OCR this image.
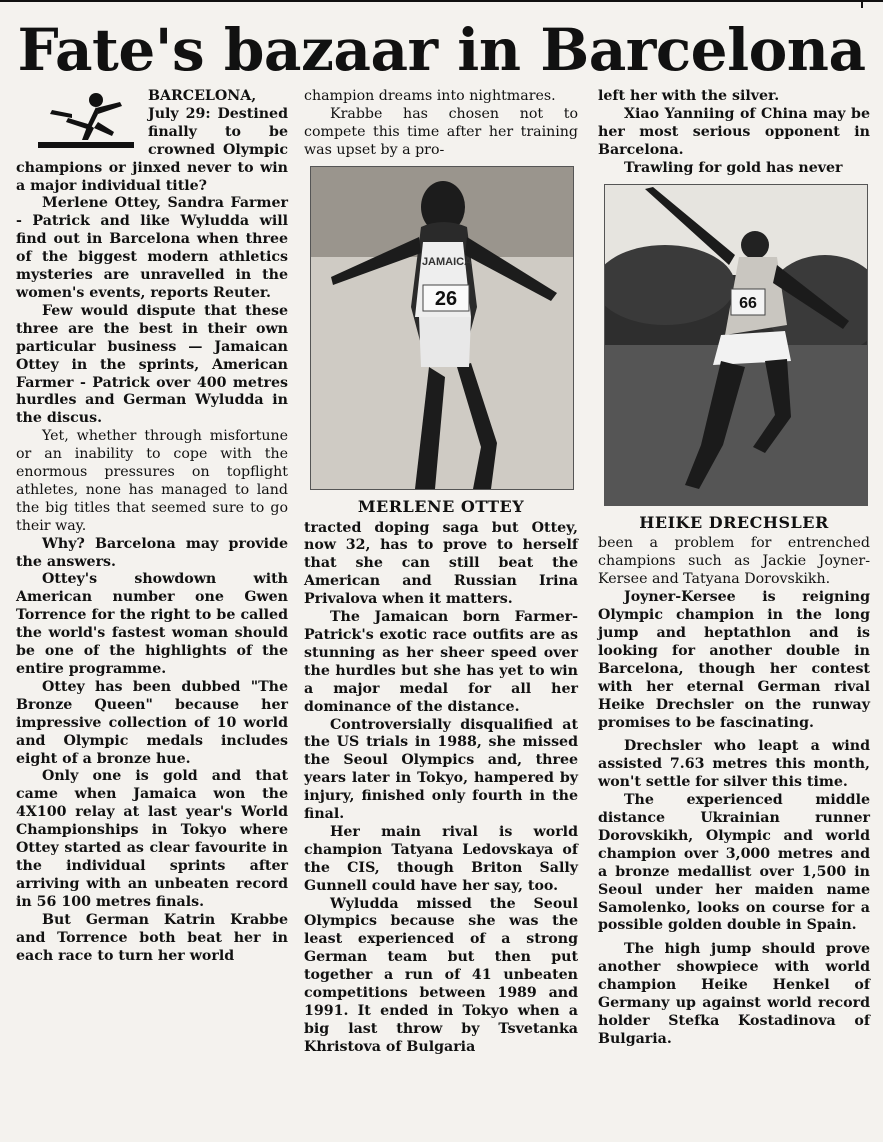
Fate's bazaar in Barcelona

BARCELONA, July 29: Destined finally to be crowned Olympic champions or jinxed never to win a major individual title?

Merlene Ottey, Sandra Farmer - Patrick and like Wyludda will find out in Barcelona when three of the biggest modern athletics mysteries are unravelled in the women's events, reports Reuter.

Few would dispute that these three are the best in their own particular business — Jamaican Ottey in the sprints, American Farmer - Patrick over 400 metres hurdles and German Wyludda in the discus.

Yet, whether through misfortune or an inability to cope with the enormous pressures on topflight athletes, none has managed to land the big titles that seemed sure to go their way.

Why? Barcelona may provide the answers.

Ottey's showdown with American number one Gwen Torrence for the right to be called the world's fastest woman should be one of the highlights of the entire programme.

Ottey has been dubbed "The Bronze Queen" because her impressive collection of 10 world and Olympic medals includes eight of a bronze hue.

Only one is gold and that came when Jamaica won the 4X100 relay at last year's World Championships in Tokyo where Ottey started as clear favourite in the individual sprints after arriving with an unbeaten record in 56 100 metres finals.

But German Katrin Krabbe and Torrence both beat her in each race to turn her world

champion dreams into nightmares.

Krabbe has chosen not to compete this time after her training was upset by a pro-

26
JAMAICA
MERLENE OTTEY

tracted doping saga but Ottey, now 32, has to prove to herself that she can still beat the American and Russian Irina Privalova when it matters.

The Jamaican born Farmer-Patrick's exotic race outfits are as stunning as her sheer speed over the hurdles but she has yet to win a major medal for all her dominance of the distance.

Controversially disqualified at the US trials in 1988, she missed the Seoul Olympics and, three years later in Tokyo, hampered by injury, finished only fourth in the final.

Her main rival is world champion Tatyana Ledovskaya of the CIS, though Briton Sally Gunnell could have her say, too.

Wyludda missed the Seoul Olympics because she was the least experienced of a strong German team but then put together a run of 41 unbeaten competitions between 1989 and 1991. It ended in Tokyo when a big last throw by Tsvetanka Khristova of Bulgaria

left her with the silver.

Xiao Yanniing of China may be her most serious opponent in Barcelona.

Trawling for gold has never

66
HEIKE DRECHSLER

been a problem for entrenched champions such as Jackie Joyner-Kersee and Tatyana Dorovskikh.

Joyner-Kersee is reigning Olympic champion in the long jump and heptathlon and is looking for another double in Barcelona, though her contest with her eternal German rival Heike Drechsler on the runway promises to be fascinating.

Drechsler who leapt a wind assisted 7.63 metres this month, won't settle for silver this time.

The experienced middle distance Ukrainian runner Dorovskikh, Olympic and world champion over 3,000 metres and a bronze medallist over 1,500 in Seoul under her maiden name Samolenko, looks on course for a possible golden double in Spain.

The high jump should prove another showpiece with world champion Heike Henkel of Germany up against world record holder Stefka Kostadinova of Bulgaria.
